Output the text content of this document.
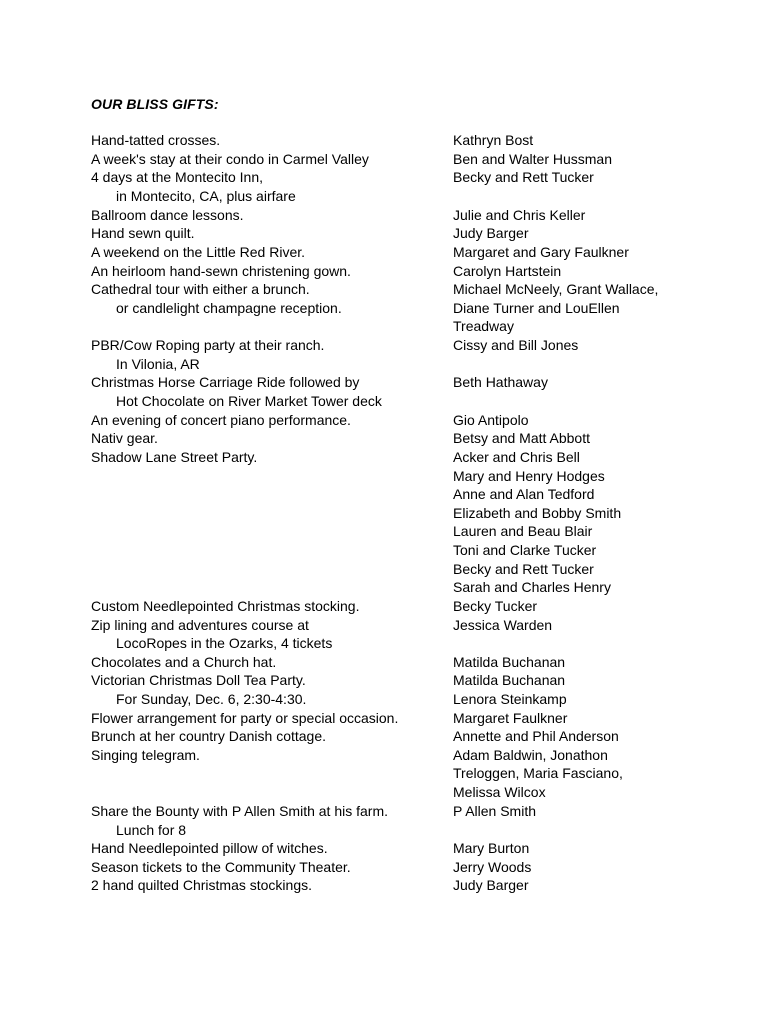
OUR BLISS GIFTS:
Hand-tatted crosses.
A week's stay at their condo in Carmel Valley
4 days at the Montecito Inn,
in Montecito, CA, plus airfare
Ballroom dance lessons.
Hand sewn quilt.
A weekend on the Little Red River.
An heirloom hand-sewn christening gown.
Cathedral tour with either a brunch.
or candlelight champagne reception.
PBR/Cow Roping party at their ranch.
In Vilonia, AR
Christmas Horse Carriage Ride followed by
Hot Chocolate on River Market Tower deck
An evening of concert piano performance.
Nativ gear.
Shadow Lane Street Party.
Custom Needlepointed Christmas stocking.
Zip lining and adventures course at
LocoRopes in the Ozarks, 4 tickets
Chocolates and a Church hat.
Victorian Christmas Doll Tea Party.
For Sunday, Dec. 6, 2:30-4:30.
Flower arrangement for party or special occasion.
Brunch at her country Danish cottage.
Singing telegram.
Share the Bounty with P Allen Smith at his farm.
Lunch for 8
Hand Needlepointed pillow of witches.
Season tickets to the Community Theater.
2 hand quilted Christmas stockings.
Kathryn Bost
Ben and Walter Hussman
Becky and Rett Tucker
Julie and Chris Keller
Judy Barger
Margaret and Gary Faulkner
Carolyn Hartstein
Michael McNeely, Grant Wallace,
Diane Turner and LouEllen
Treadway
Cissy and Bill Jones
Beth Hathaway
Gio Antipolo
Betsy and Matt Abbott
Acker and Chris Bell
Mary and Henry Hodges
Anne and Alan Tedford
Elizabeth and Bobby Smith
Lauren and Beau Blair
Toni and Clarke Tucker
Becky and Rett Tucker
Sarah and Charles Henry
Becky Tucker
Jessica Warden
Matilda Buchanan
Matilda Buchanan
Lenora Steinkamp
Margaret Faulkner
Annette and Phil Anderson
Adam Baldwin, Jonathon
Treloggen, Maria Fasciano,
Melissa Wilcox
P Allen Smith
Mary Burton
Jerry Woods
Judy Barger
